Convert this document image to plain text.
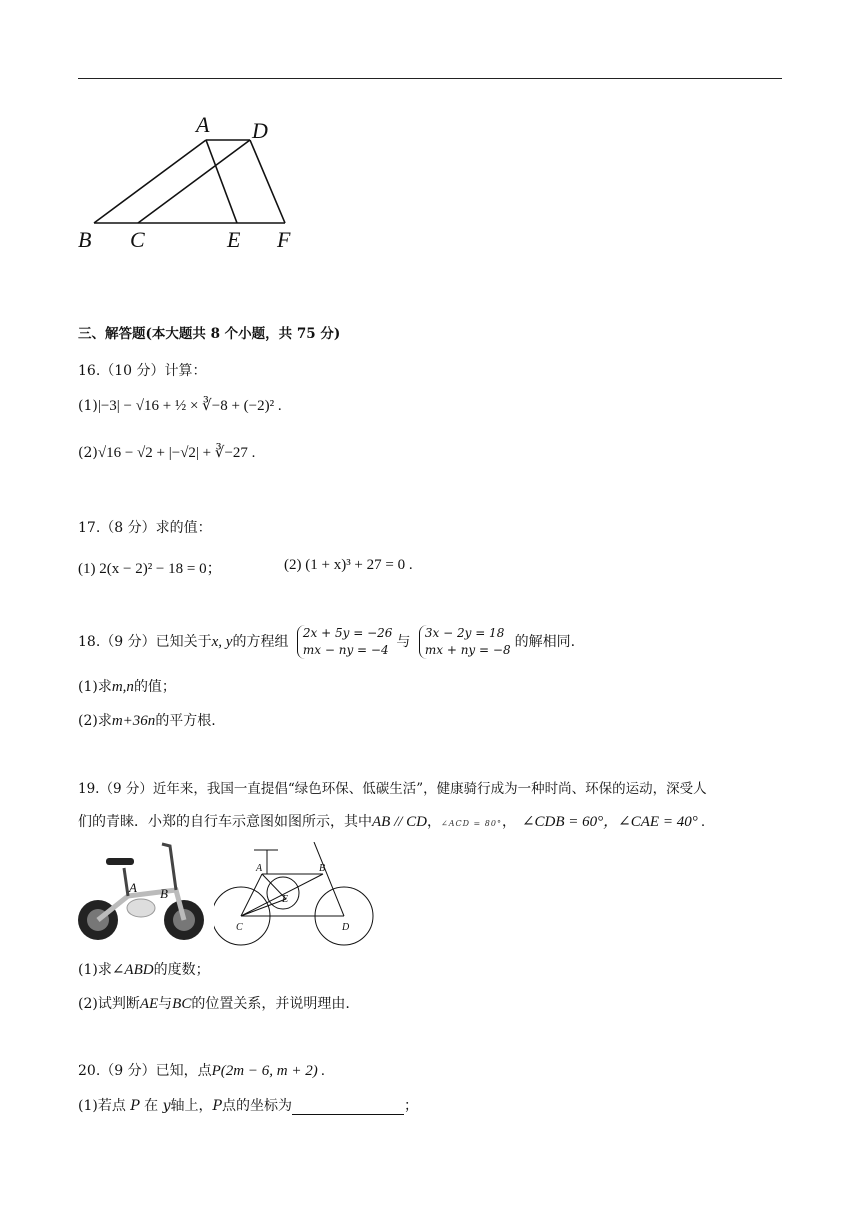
A D
B C	E F
三、解答题(本大题共 8 个小题，共 75 分)
16.（10 分）计算：
(1)|−3| − √16 + ½ × ∛−8 + (−2)² .
(2)√16 − √2 + |−√2| + ∛−27 .
17.（8 分）求的值：
(1) 2(x − 2)² − 18 = 0；	(2) (1 + x)³ + 27 = 0 .
18.（9 分）已知关于x, y的方程组
2x + 5y = −26
mx − ny = −4 与
3x − 2y = 18
mx + ny = −8 的解相同.
(1)求m,n的值；
(2)求m+36n的平方根.
19.（9 分）近年来，我国一直提倡“绿色环保、低碳生活”，健康骑行成为一种时尚、环保的运动，深受人
们的青睐．小郑的自行车示意图如图所示，其中AB // CD，∠ACD = 80°， ∠CDB = 60°，∠CAE = 40° .
A B
A	B
C	D
E
(1)求∠ABD的度数；
(2)试判断AE与BC的位置关系，并说明理由.
20.（9 分）已知，点P(2m − 6, m + 2) .
(1)若点 P 在 y轴上，P点的坐标为	；
